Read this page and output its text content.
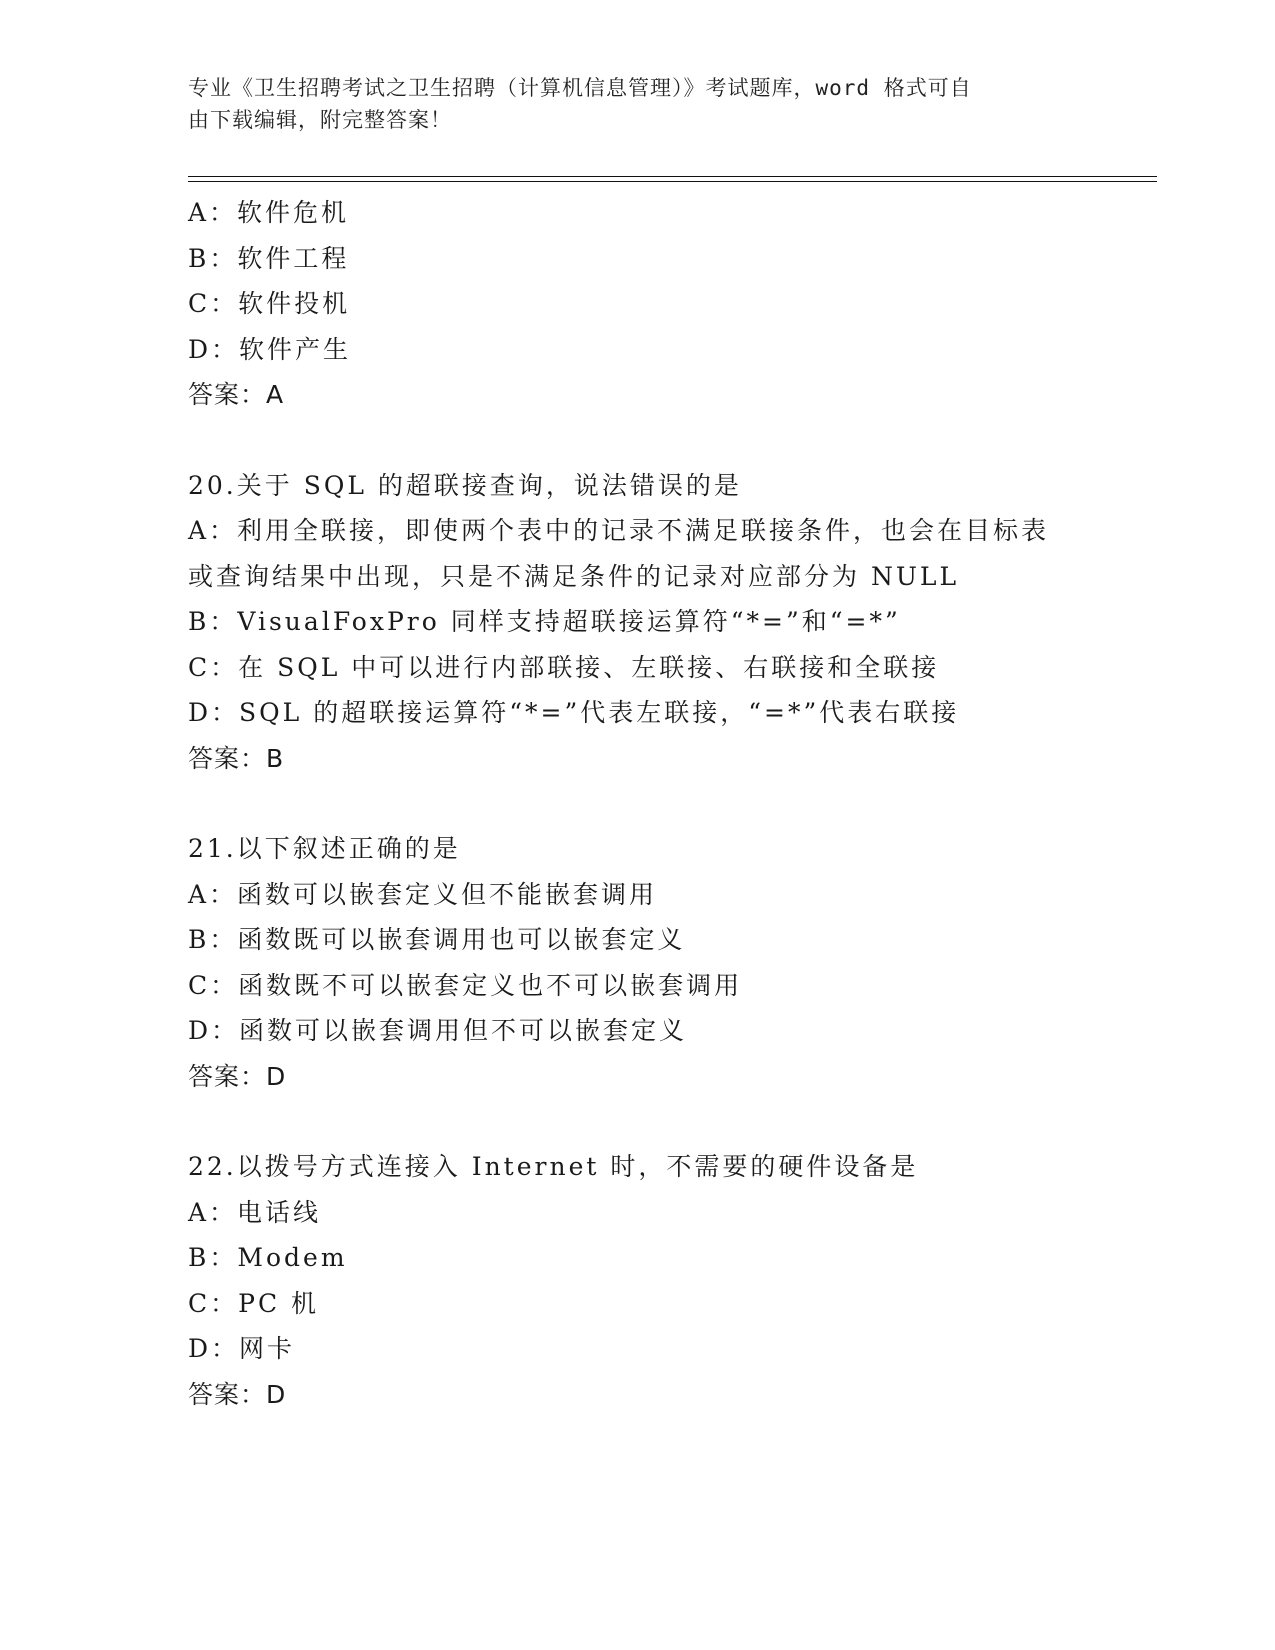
专业《卫生招聘考试之卫生招聘（计算机信息管理）》考试题库，word 格式可自
由下载编辑，附完整答案！
A：软件危机
B：软件工程
C：软件投机
D：软件产生
答案：A
20.关于 SQL 的超联接查询，说法错误的是
A：利用全联接，即使两个表中的记录不满足联接条件，也会在目标表
或查询结果中出现，只是不满足条件的记录对应部分为 NULL
B：VisualFoxPro 同样支持超联接运算符“*=”和“=*”
C：在 SQL 中可以进行内部联接、左联接、右联接和全联接
D：SQL 的超联接运算符“*=”代表左联接，“=*”代表右联接
答案：B
21.以下叙述正确的是
A：函数可以嵌套定义但不能嵌套调用
B：函数既可以嵌套调用也可以嵌套定义
C：函数既不可以嵌套定义也不可以嵌套调用
D：函数可以嵌套调用但不可以嵌套定义
答案：D
22.以拨号方式连接入 Internet 时，不需要的硬件设备是
A：电话线
B：Modem
C：PC 机
D：网卡
答案：D
